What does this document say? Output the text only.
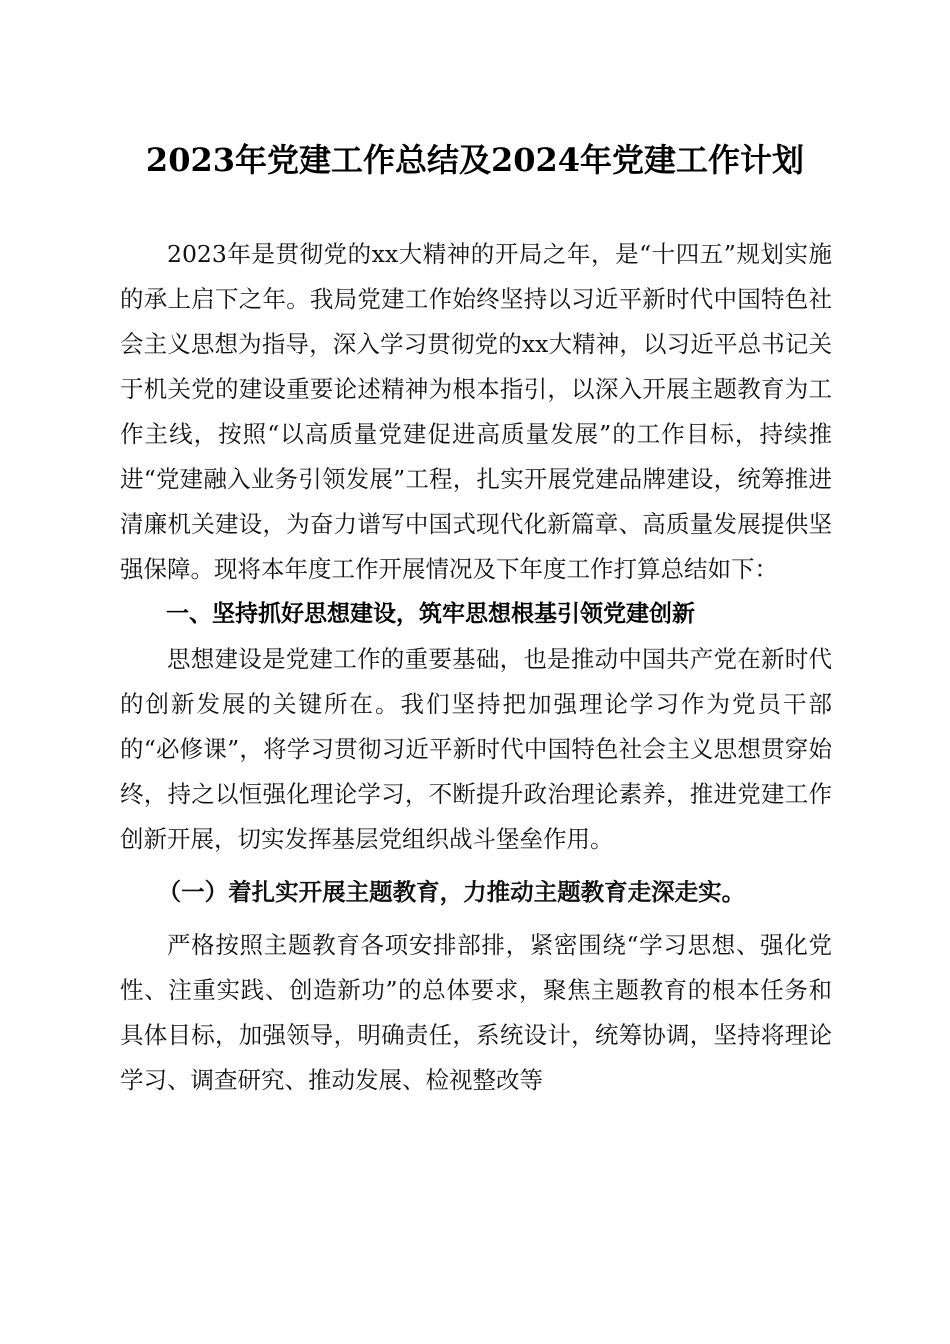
2023年党建工作总结及2024年党建工作计划

2023年是贯彻党的xx大精神的开局之年，是“十四五”规划实施的承上启下之年。我局党建工作始终坚持以习近平新时代中国特色社会主义思想为指导，深入学习贯彻党的xx大精神，以习近平总书记关于机关党的建设重要论述精神为根本指引，以深入开展主题教育为工作主线，按照“以高质量党建促进高质量发展”的工作目标，持续推进“党建融入业务引领发展”工程，扎实开展党建品牌建设，统筹推进清廉机关建设，为奋力谱写中国式现代化新篇章、高质量发展提供坚强保障。现将本年度工作开展情况及下年度工作打算总结如下：

一、坚持抓好思想建设，筑牢思想根基引领党建创新

思想建设是党建工作的重要基础，也是推动中国共产党在新时代的创新发展的关键所在。我们坚持把加强理论学习作为党员干部的“必修课”，将学习贯彻习近平新时代中国特色社会主义思想贯穿始终，持之以恒强化理论学习，不断提升政治理论素养，推进党建工作创新开展，切实发挥基层党组织战斗堡垒作用。

（一）着扎实开展主题教育，力推动主题教育走深走实。

严格按照主题教育各项安排部排，紧密围绕“学习思想、强化党性、注重实践、创造新功”的总体要求，聚焦主题教育的根本任务和具体目标，加强领导，明确责任，系统设计，统筹协调，坚持将理论学习、调查研究、推动发展、检视整改等
